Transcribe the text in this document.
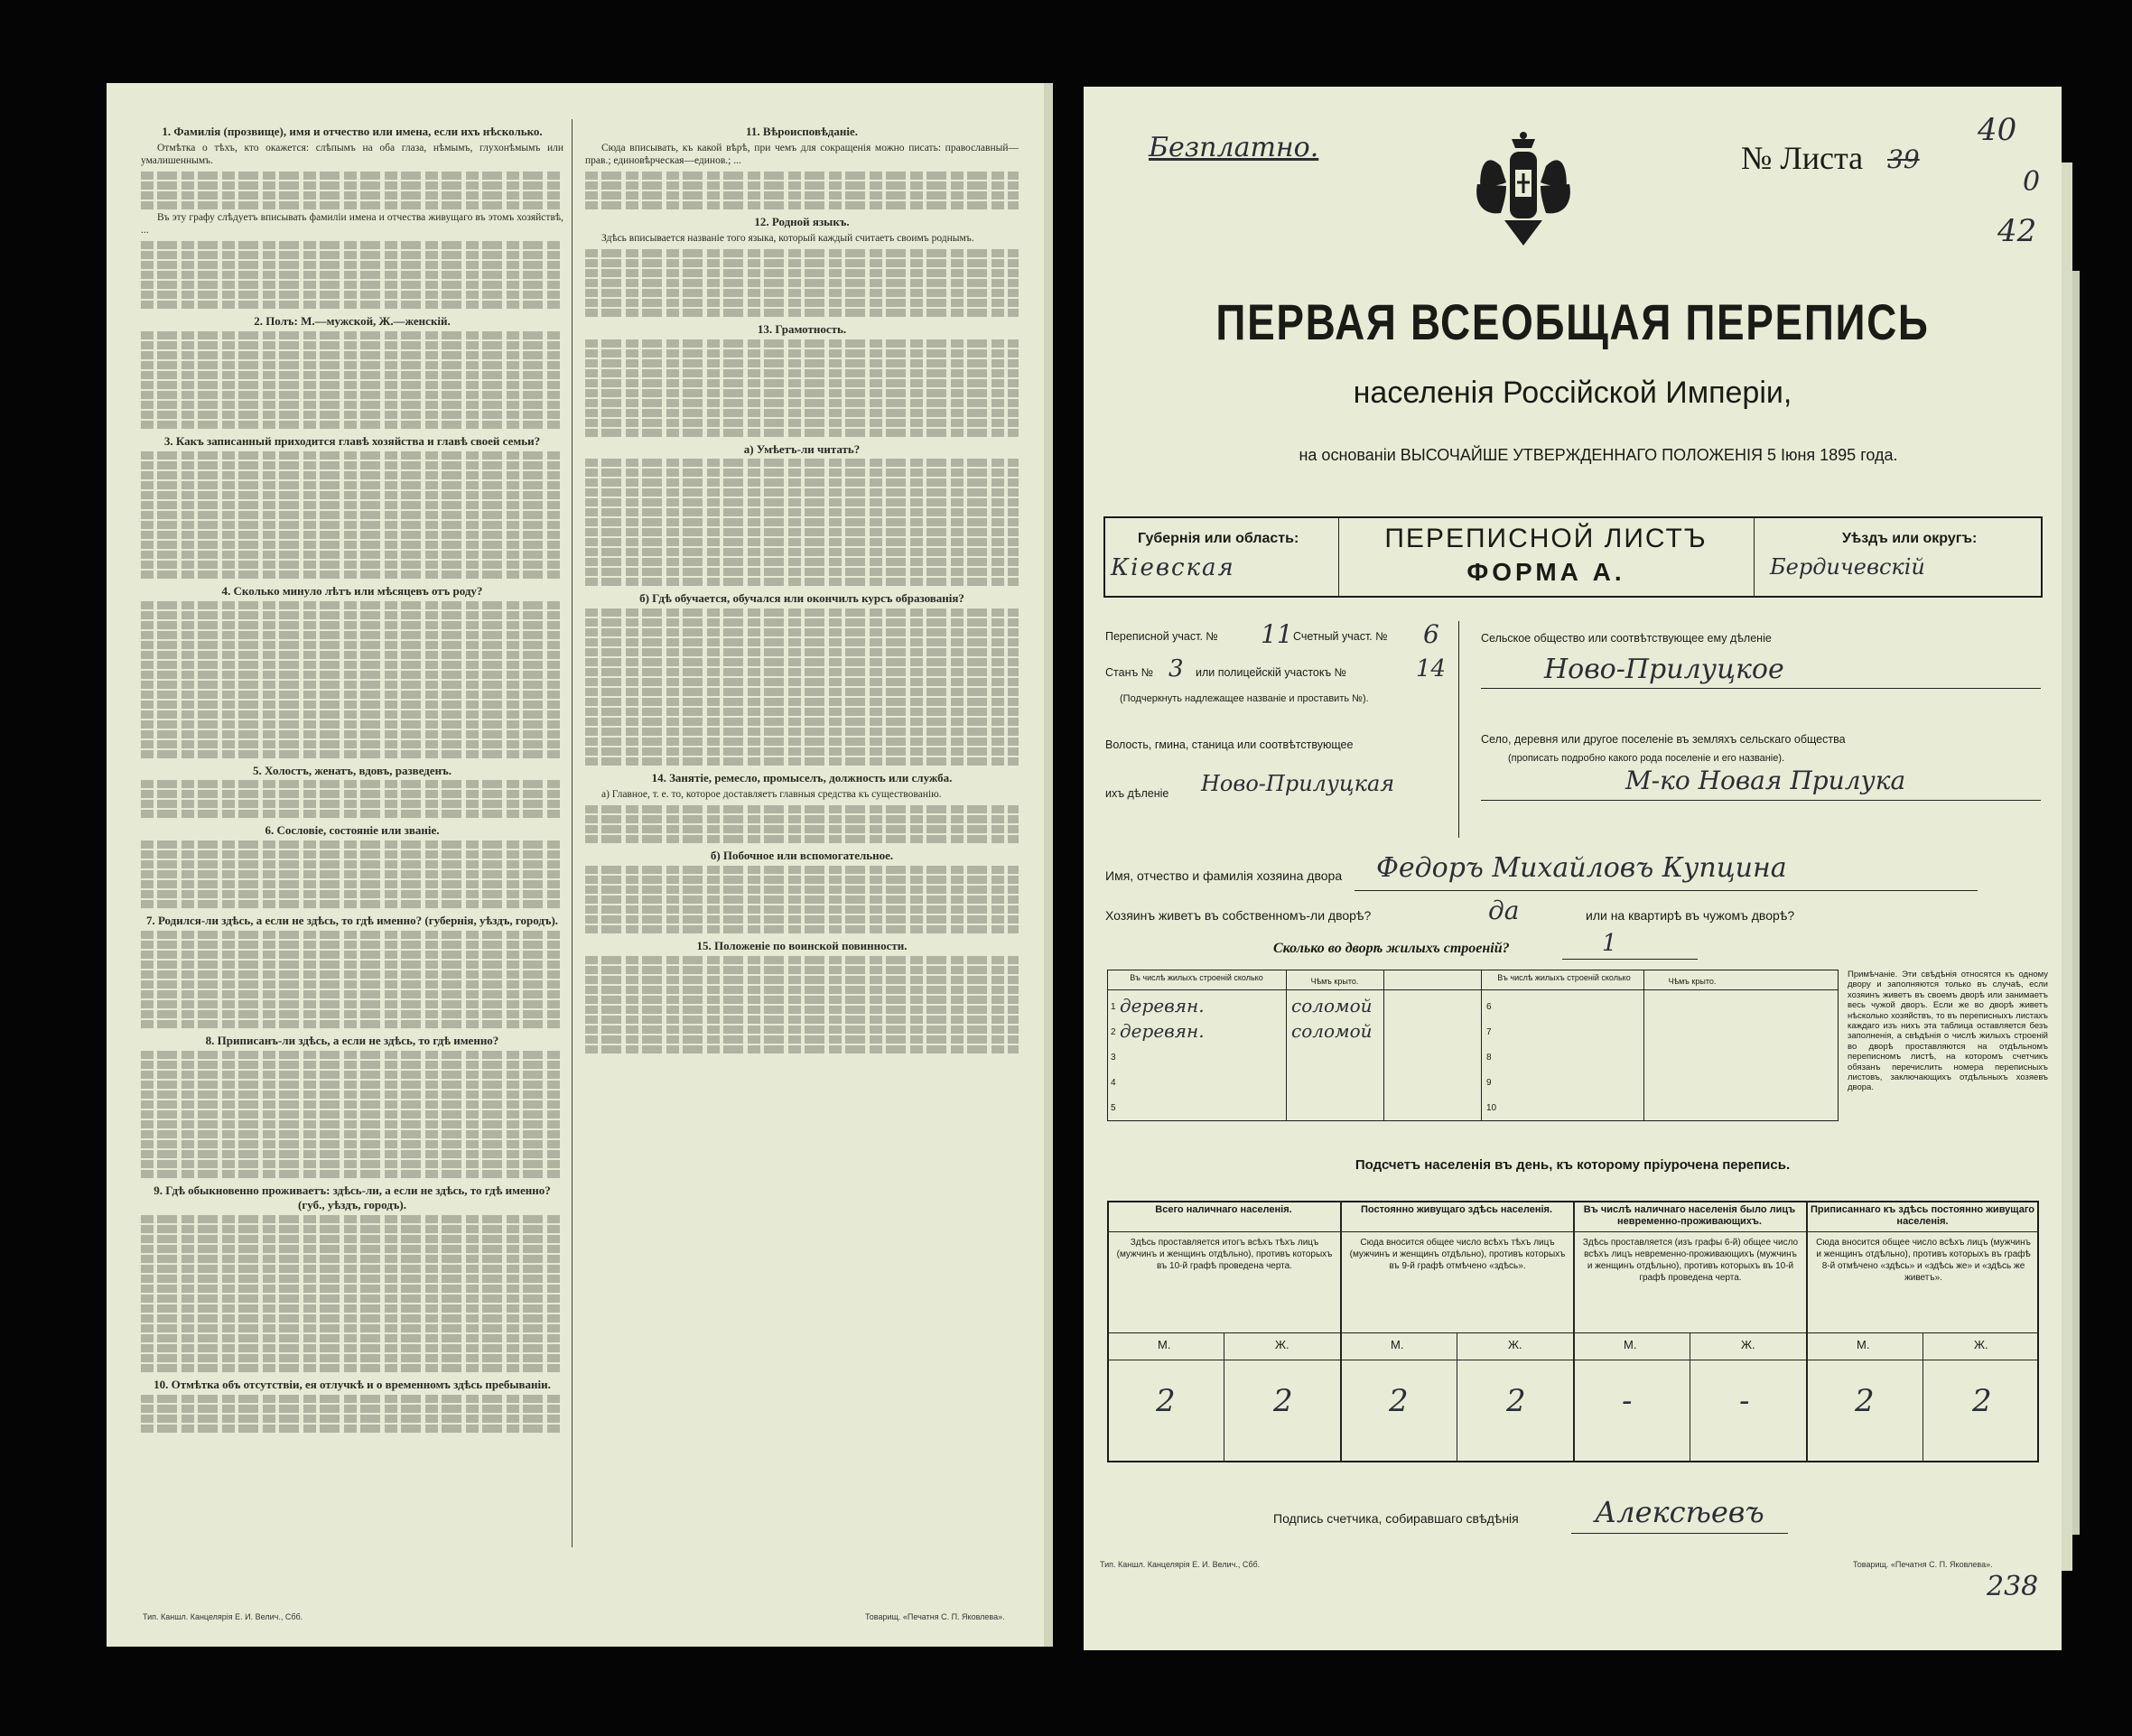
1. Фамилія (прозвище), имя и отчество или имена, если ихъ нѣсколько.

Отмѣтка о тѣхъ, кто окажется: слѣпымъ на оба глаза, нѣмымъ, глухонѣмымъ или умалишеннымъ.

Въ эту графу слѣдуетъ вписывать фамиліи имена и отчества живущаго въ этомъ хозяйствѣ, ...

2. Полъ: М.—мужской, Ж.—женскій.
3. Какъ записанный приходится главѣ хозяйства и главѣ своей семьи?
4. Сколько минуло лѣтъ или мѣсяцевъ отъ роду?
5. Холостъ, женатъ, вдовъ, разведенъ.
6. Сословіе, состояніе или званіе.
7. Родился-ли здѣсь, а если не здѣсь, то гдѣ именно? (губернія, уѣздъ, городъ).
8. Приписанъ-ли здѣсь, а если не здѣсь, то гдѣ именно?
9. Гдѣ обыкновенно проживаетъ: здѣсь-ли, а если не здѣсь, то гдѣ именно? (губ., уѣздъ, городъ).
10. Отмѣтка объ отсутствіи, ея отлучкѣ и о временномъ здѣсь пребываніи.
11. Вѣроисповѣданіе.

Сюда вписывать, къ какой вѣрѣ, при чемъ для сокращенія можно писать: православный—прав.; единовѣрческая—единов.; ...

12. Родной языкъ.

Здѣсь вписывается названіе того языка, который каждый считаетъ своимъ роднымъ.

13. Грамотность.
а) Умѣетъ-ли читать?
б) Гдѣ обучается, обучался или окончилъ курсъ образованія?
14. Занятіе, ремесло, промыселъ, должность или служба.

а) Главное, т. е. то, которое доставляетъ главныя средства къ существованію.

б) Побочное или вспомогательное.
15. Положеніе по воинской повинности.
Тип. Каншл. Канцелярія Е. И. Велич., Сбб.	Товарищ. «Печатня С. П. Яковлева».
Безплатно.	№ Листа 39
40
0
42
ПЕРВАЯ ВСЕОБЩАЯ ПЕРЕПИСЬ
населенія Россійской Имперіи,
на основаніи ВЫСОЧАЙШЕ УТВЕРЖДЕННАГО ПОЛОЖЕНІЯ 5 Іюня 1895 года.
Губернія или область:
Кіевская
ПЕРЕПИСНОЙ ЛИСТЪ
ФОРМА А.
Уѣздъ или округъ:
Бердичевскій
Переписной участ. № 11 Счетный участ. № 6
Станъ № 3 или полицейскій участокъ №	14
(Подчеркнуть надлежащее названіе и проставить №).
Волость, гмина, станица или соотвѣтствующее
ихъ дѣленіе Ново-Прилуцкая
Сельское общество или соотвѣтствующее ему дѣленіе
Ново-Прилуцкое
Село, деревня или другое поселеніе въ земляхъ сельскаго общества
(прописать подробно какого рода поселеніе и его названіе).
М-ко Новая Прилука
Имя, отчество и фамилія хозяина двора Федоръ Михайловъ Купцина
Хозяинъ живетъ въ собственномъ-ли дворѣ?	да	или на квартирѣ въ чужомъ дворѣ?
Сколько во дворѣ жилыхъ строеній?	1
Въ числѣ жилыхъ строеній сколько	Чѣмъ крыто.	Въ числѣ жилыхъ строеній сколько	Чѣмъ крыто.
1 деревян.	соломой
2 деревян.	соломой
3
4
5
6
7
8
9
10
Примѣчаніе. Эти свѣдѣнія относятся къ одному двору и заполняются только въ случаѣ, если хозяинъ живетъ въ своемъ дворѣ или занимаетъ весь чужой дворъ. Если же во дворѣ живетъ нѣсколько хозяйствъ, то въ переписныхъ листахъ каждаго изъ нихъ эта таблица оставляется безъ заполненія, а свѣдѣнія о числѣ жилыхъ строеній во дворѣ проставляются на отдѣльномъ переписномъ листѣ, на которомъ счетчикъ обязанъ перечислить номера переписныхъ листовъ, заключающихъ отдѣльныхъ хозяевъ двора.
Подсчетъ населенія въ день, къ которому пріурочена перепись.
Всего наличнаго населенія.
Здѣсь проставляется итогъ всѣхъ тѣхъ лицъ (мужчинъ и женщинъ отдѣльно), противъ которыхъ въ 10-й графѣ проведена черта.
М.	Ж.
2	2
Постоянно живущаго здѣсь населенія.
Сюда вносится общее число всѣхъ тѣхъ лицъ (мужчинъ и женщинъ отдѣльно), противъ которыхъ въ 9-й графѣ отмѣчено «здѣсь».
М.	Ж.
2	2
Въ числѣ наличнаго населенія было лицъ невременно-проживающихъ.
Здѣсь проставляется (изъ графы 6-й) общее число всѣхъ лицъ невременно-проживающихъ (мужчинъ и женщинъ отдѣльно), противъ которыхъ въ 10-й графѣ проведена черта.
М.	Ж.
-	-
Приписаннаго къ здѣсь постоянно живущаго населенія.
Сюда вносится общее число всѣхъ лицъ (мужчинъ и женщинъ отдѣльно), противъ которыхъ въ графѣ 8-й отмѣчено «здѣсь» и «здѣсь же» и «здѣсь же живетъ».
М.	Ж.
2	2
Подпись счетчика, собиравшаго свѣдѣнія	Алексѣевъ
Тип. Каншл. Канцелярія Е. И. Велич., Сбб.	Товарищ. «Печатня С. П. Яковлева».
238
